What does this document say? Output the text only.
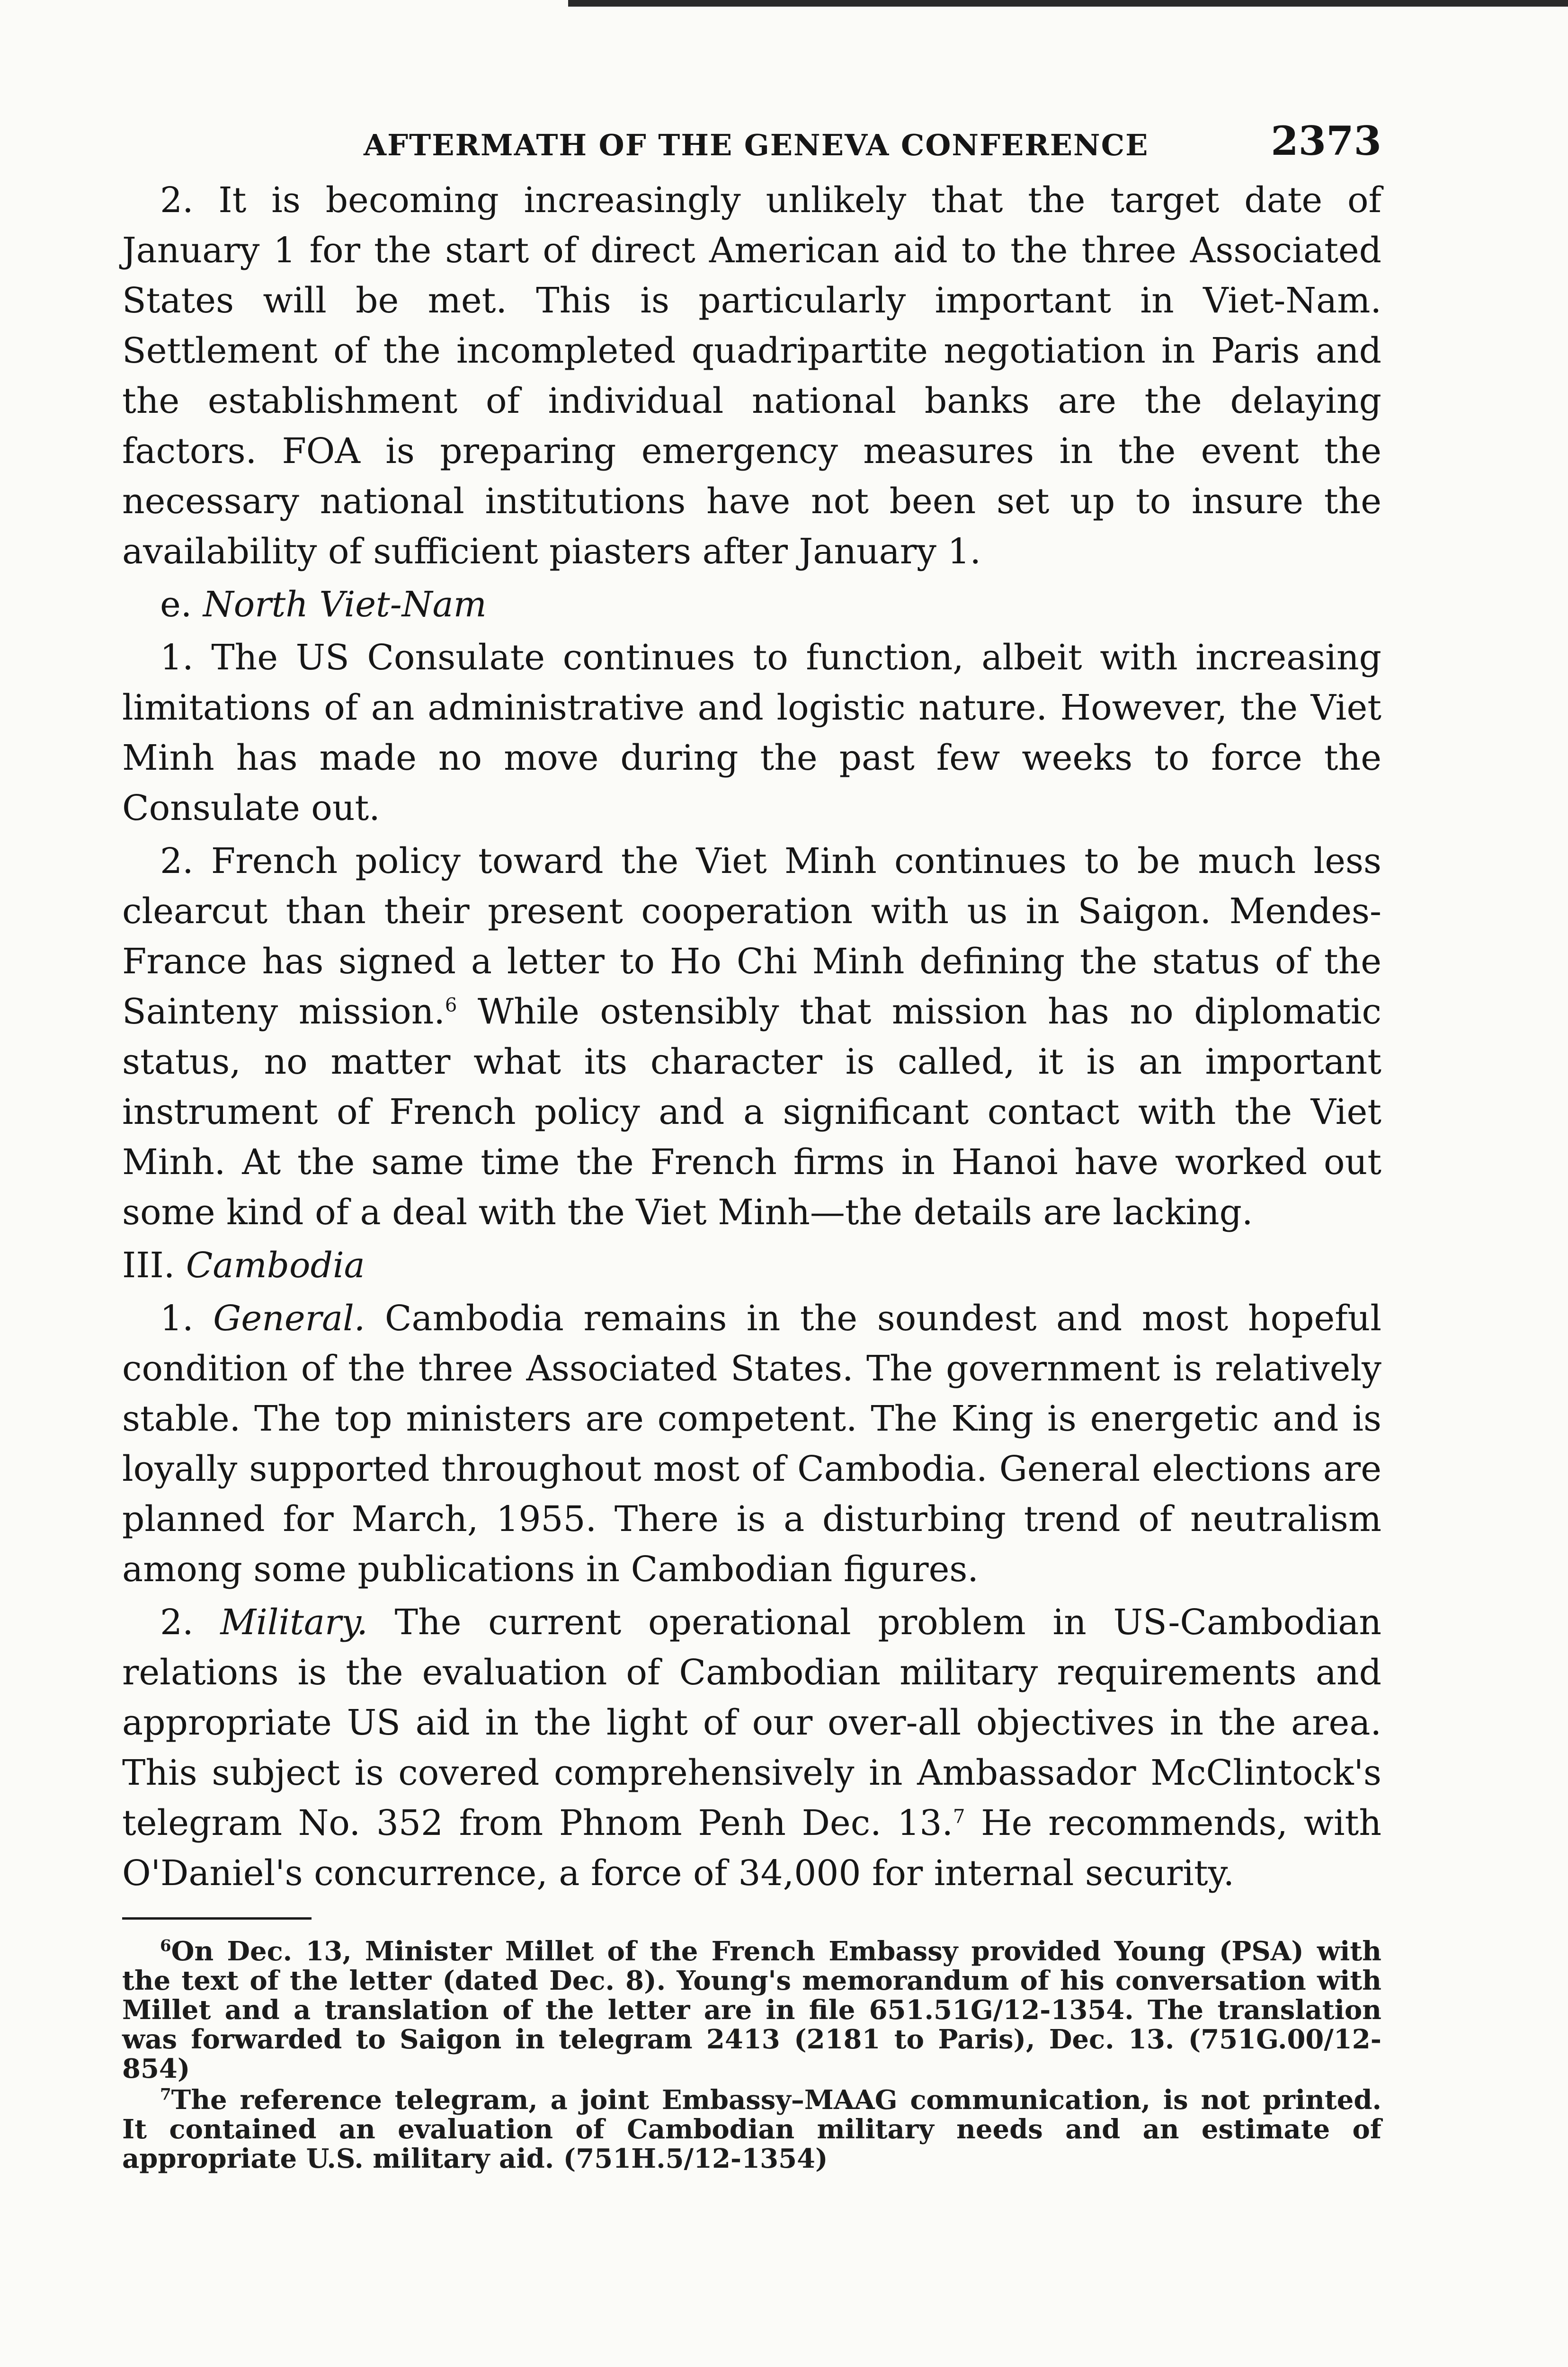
AFTERMATH OF THE GENEVA CONFERENCE	2373

2. It is becoming increasingly unlikely that the target date of January 1 for the start of direct American aid to the three Associated States will be met. This is particularly important in Viet-Nam. Settlement of the incompleted quadripartite negotiation in Paris and the establishment of individual national banks are the delaying factors. FOA is preparing emergency measures in the event the necessary national institutions have not been set up to insure the availability of sufficient piasters after January 1.

e. North Viet-Nam

1. The US Consulate continues to function, albeit with increasing limitations of an administrative and logistic nature. However, the Viet Minh has made no move during the past few weeks to force the Consulate out.

2. French policy toward the Viet Minh continues to be much less clearcut than their present cooperation with us in Saigon. Mendes-France has signed a letter to Ho Chi Minh defining the status of the Sainteny mission.$^6$ While ostensibly that mission has no diplomatic status, no matter what its character is called, it is an important instrument of French policy and a significant contact with the Viet Minh. At the same time the French firms in Hanoi have worked out some kind of a deal with the Viet Minh—the details are lacking.

III. Cambodia

1. General. Cambodia remains in the soundest and most hopeful condition of the three Associated States. The government is relatively stable. The top ministers are competent. The King is energetic and is loyally supported throughout most of Cambodia. General elections are planned for March, 1955. There is a disturbing trend of neutralism among some publications in Cambodian figures.

2. Military. The current operational problem in US-Cambodian relations is the evaluation of Cambodian military requirements and appropriate US aid in the light of our over-all objectives in the area. This subject is covered comprehensively in Ambassador McClintock's telegram No. 352 from Phnom Penh Dec. 13.$^7$ He recommends, with O'Daniel's concurrence, a force of 34,000 for internal security.

$^6$On Dec. 13, Minister Millet of the French Embassy provided Young (PSA) with the text of the letter (dated Dec. 8). Young's memorandum of his conversation with Millet and a translation of the letter are in file 651.51G/12-1354. The translation was forwarded to Saigon in telegram 2413 (2181 to Paris), Dec. 13. (751G.00/12-854)

$^7$The reference telegram, a joint Embassy–MAAG communication, is not printed. It contained an evaluation of Cambodian military needs and an estimate of appropriate U.S. military aid. (751H.5/12-1354)
